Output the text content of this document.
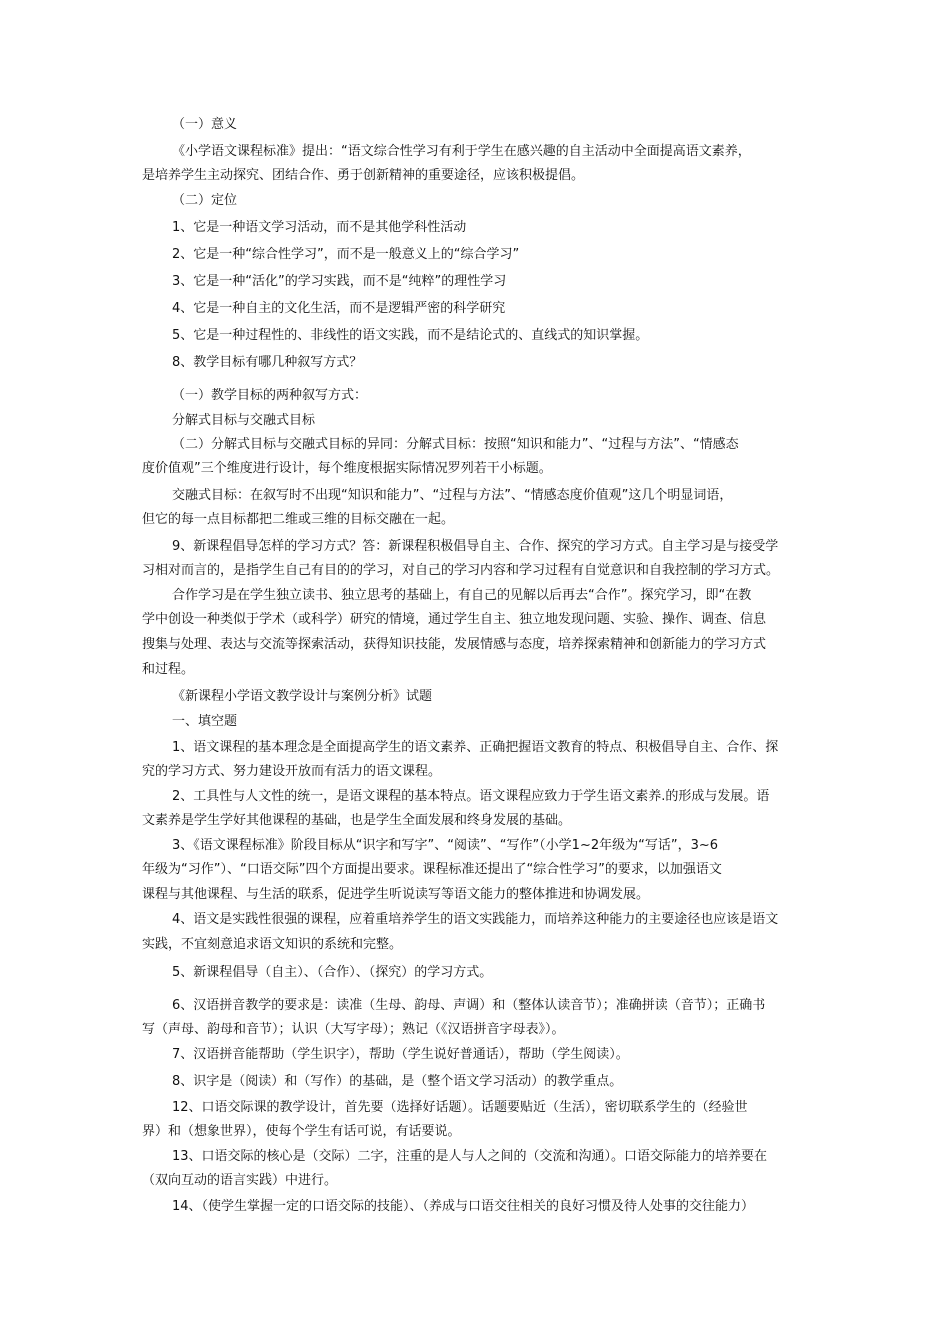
（一）意义
《小学语文课程标准》提出：“语文综合性学习有利于学生在感兴趣的自主活动中全面提高语文素养，
是培养学生主动探究、团结合作、勇于创新精神的重要途径，应该积极提倡。
（二）定位
1、它是一种语文学习活动，而不是其他学科性活动
2、它是一种“综合性学习”，而不是一般意义上的“综合学习”
3、它是一种“活化”的学习实践，而不是“纯粹”的理性学习
4、它是一种自主的文化生活，而不是逻辑严密的科学研究
5、它是一种过程性的、非线性的语文实践，而不是结论式的、直线式的知识掌握。
8、教学目标有哪几种叙写方式？
（一）教学目标的两种叙写方式：
分解式目标与交融式目标
（二）分解式目标与交融式目标的异同：分解式目标：按照“知识和能力”、“过程与方法”、“情感态
度价值观”三个维度进行设计，每个维度根据实际情况罗列若干小标题。
交融式目标：在叙写时不出现“知识和能力”、“过程与方法”、“情感态度价值观”这几个明显词语，
但它的每一点目标都把二维或三维的目标交融在一起。
9、新课程倡导怎样的学习方式？答：新课程积极倡导自主、合作、探究的学习方式。自主学习是与接受学
习相对而言的，是指学生自己有目的的学习，对自己的学习内容和学习过程有自觉意识和自我控制的学习方式。
合作学习是在学生独立读书、独立思考的基础上，有自己的见解以后再去“合作”。探究学习，即“在教
学中创设一种类似于学术（或科学）研究的情境，通过学生自主、独立地发现问题、实验、操作、调查、信息
搜集与处理、表达与交流等探索活动，获得知识技能，发展情感与态度，培养探索精神和创新能力的学习方式
和过程。
《新课程小学语文教学设计与案例分析》试题
一、填空题
1、语文课程的基本理念是全面提高学生的语文素养、正确把握语文教育的特点、积极倡导自主、合作、探
究的学习方式、努力建设开放而有活力的语文课程。
2、工具性与人文性的统一，是语文课程的基本特点。语文课程应致力于学生语文素养.的形成与发展。语
文素养是学生学好其他课程的基础，也是学生全面发展和终身发展的基础。
3、《语文课程标准》阶段目标从“识字和写字”、“阅读”、“写作”（小学1~2年级为“写话”，3~6
年级为“习作”）、“口语交际”四个方面提出要求。课程标准还提出了“综合性学习”的要求，以加强语文
课程与其他课程、与生活的联系，促进学生听说读写等语文能力的整体推进和协调发展。
4、语文是实践性很强的课程，应着重培养学生的语文实践能力，而培养这种能力的主要途径也应该是语文
实践，不宜刻意追求语文知识的系统和完整。
5、新课程倡导（自主）、（合作）、（探究）的学习方式。
6、汉语拼音教学的要求是：读准（生母、韵母、声调）和（整体认读音节）；准确拼读（音节）；正确书
写（声母、韵母和音节）；认识（大写字母）；熟记（《汉语拼音字母表》）。
7、汉语拼音能帮助（学生识字），帮助（学生说好普通话），帮助（学生阅读）。
8、识字是（阅读）和（写作）的基础，是（整个语文学习活动）的教学重点。
12、口语交际课的教学设计，首先要（选择好话题）。话题要贴近（生活），密切联系学生的（经验世
界）和（想象世界），使每个学生有话可说，有话要说。
13、口语交际的核心是（交际）二字，注重的是人与人之间的（交流和沟通）。口语交际能力的培养要在
（双向互动的语言实践）中进行。
14、（使学生掌握一定的口语交际的技能）、（养成与口语交往相关的良好习惯及待人处事的交往能力）
